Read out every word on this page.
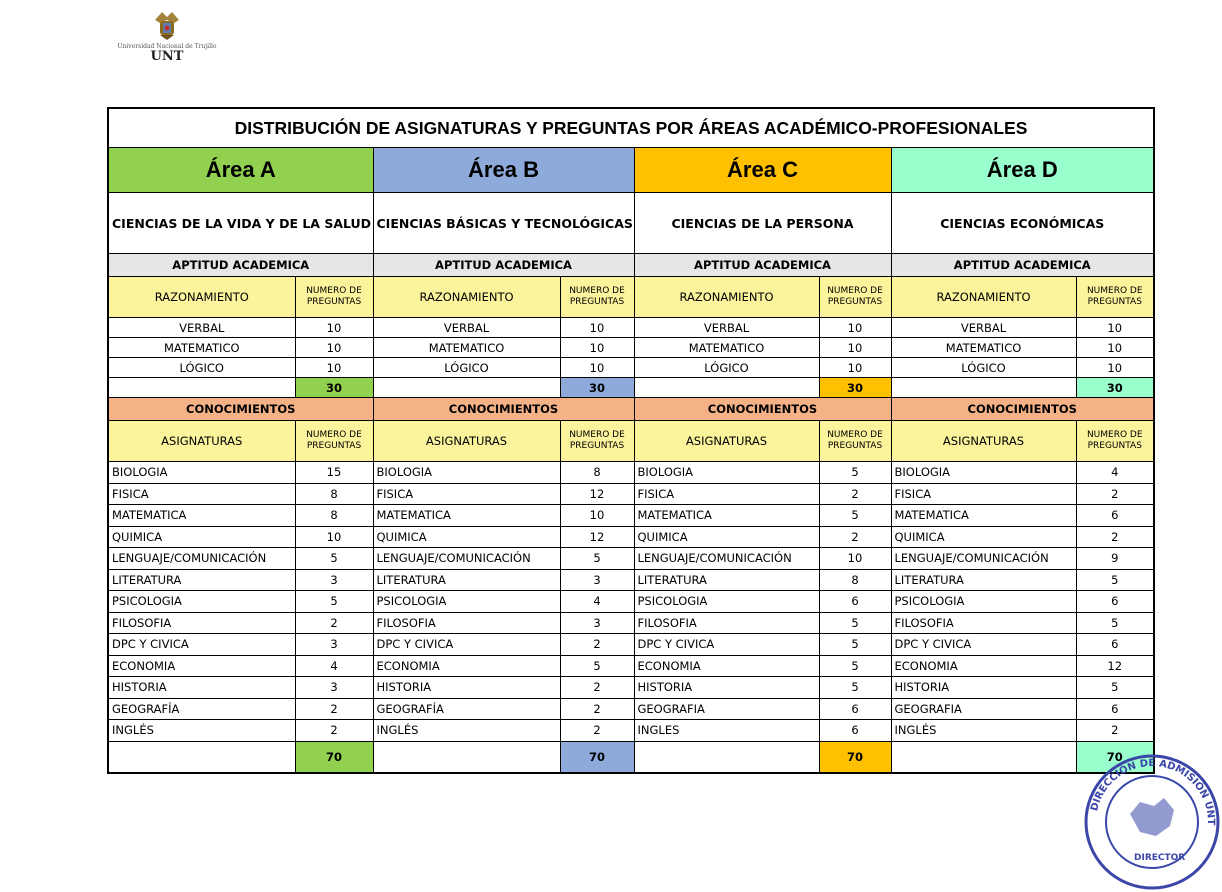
Universidad Nacional de Trujillo
UNT
DISTRIBUCIÓN DE ASIGNATURAS Y PREGUNTAS POR ÁREAS ACADÉMICO-PROFESIONALES							
Área A		Área B		Área C		Área D	
CIENCIAS DE LA VIDA Y DE LA SALUD		CIENCIAS BÁSICAS Y TECNOLÓGICAS		CIENCIAS DE LA PERSONA		CIENCIAS ECONÓMICAS	
APTITUD ACADEMICA		APTITUD ACADEMICA		APTITUD ACADEMICA		APTITUD ACADEMICA	
RAZONAMIENTO	NUMERO DE PREGUNTAS	RAZONAMIENTO	NUMERO DE PREGUNTAS	RAZONAMIENTO	NUMERO DE PREGUNTAS	RAZONAMIENTO	NUMERO DE PREGUNTAS
VERBAL	10	VERBAL	10	VERBAL	10	VERBAL	10
MATEMATICO	10	MATEMATICO	10	MATEMATICO	10	MATEMATICO	10
LÓGICO	10	LÓGICO	10	LÓGICO	10	LÓGICO	10
	30		30		30		30
CONOCIMIENTOS		CONOCIMIENTOS		CONOCIMIENTOS		CONOCIMIENTOS	
ASIGNATURAS	NUMERO DE PREGUNTAS	ASIGNATURAS	NUMERO DE PREGUNTAS	ASIGNATURAS	NUMERO DE PREGUNTAS	ASIGNATURAS	NUMERO DE PREGUNTAS
BIOLOGIA	15	BIOLOGIA	8	BIOLOGIA	5	BIOLOGIA	4
FISICA	8	FISICA	12	FISICA	2	FISICA	2
MATEMATICA	8	MATEMATICA	10	MATEMATICA	5	MATEMATICA	6
QUIMICA	10	QUIMICA	12	QUIMICA	2	QUIMICA	2
LENGUAJE/COMUNICACIÓN	5	LENGUAJE/COMUNICACIÓN	5	LENGUAJE/COMUNICACIÓN	10	LENGUAJE/COMUNICACIÓN	9
LITERATURA	3	LITERATURA	3	LITERATURA	8	LITERATURA	5
PSICOLOGIA	5	PSICOLOGIA	4	PSICOLOGIA	6	PSICOLOGIA	6
FILOSOFIA	2	FILOSOFIA	3	FILOSOFIA	5	FILOSOFIA	5
DPC Y CIVICA	3	DPC Y CIVICA	2	DPC Y CIVICA	5	DPC Y CIVICA	6
ECONOMIA	4	ECONOMIA	5	ECONOMIA	5	ECONOMIA	12
HISTORIA	3	HISTORIA	2	HISTORIA	5	HISTORIA	5
GEOGRAFÍA	2	GEOGRAFÍA	2	GEOGRAFIA	6	GEOGRAFIA	6
INGLÉS	2	INGLÉS	2	INGLES	6	INGLÉS	2
	70		70		70		70
DIRECCIÓN DE ADMISIÓN UNT
DIRECTOR
